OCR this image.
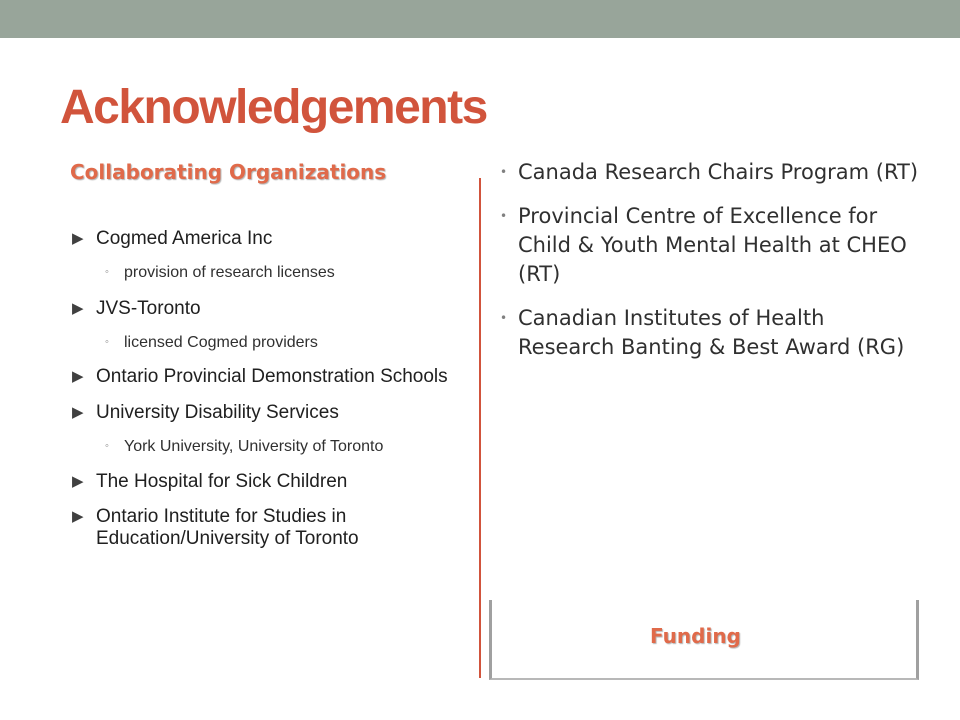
Acknowledgements
Collaborating Organizations
▶ Cogmed America Inc
◦ provision of research licenses
▶ JVS-Toronto
◦ licensed Cogmed providers
▶ Ontario Provincial Demonstration Schools
▶ University Disability Services
◦ York University, University of Toronto
▶ The Hospital for Sick Children
▶ Ontario Institute for Studies in Education/University of Toronto
• Canada Research Chairs Program (RT)
• Provincial Centre of Excellence for Child & Youth Mental Health at CHEO (RT)
• Canadian Institutes of Health Research Banting & Best Award (RG)
Funding
